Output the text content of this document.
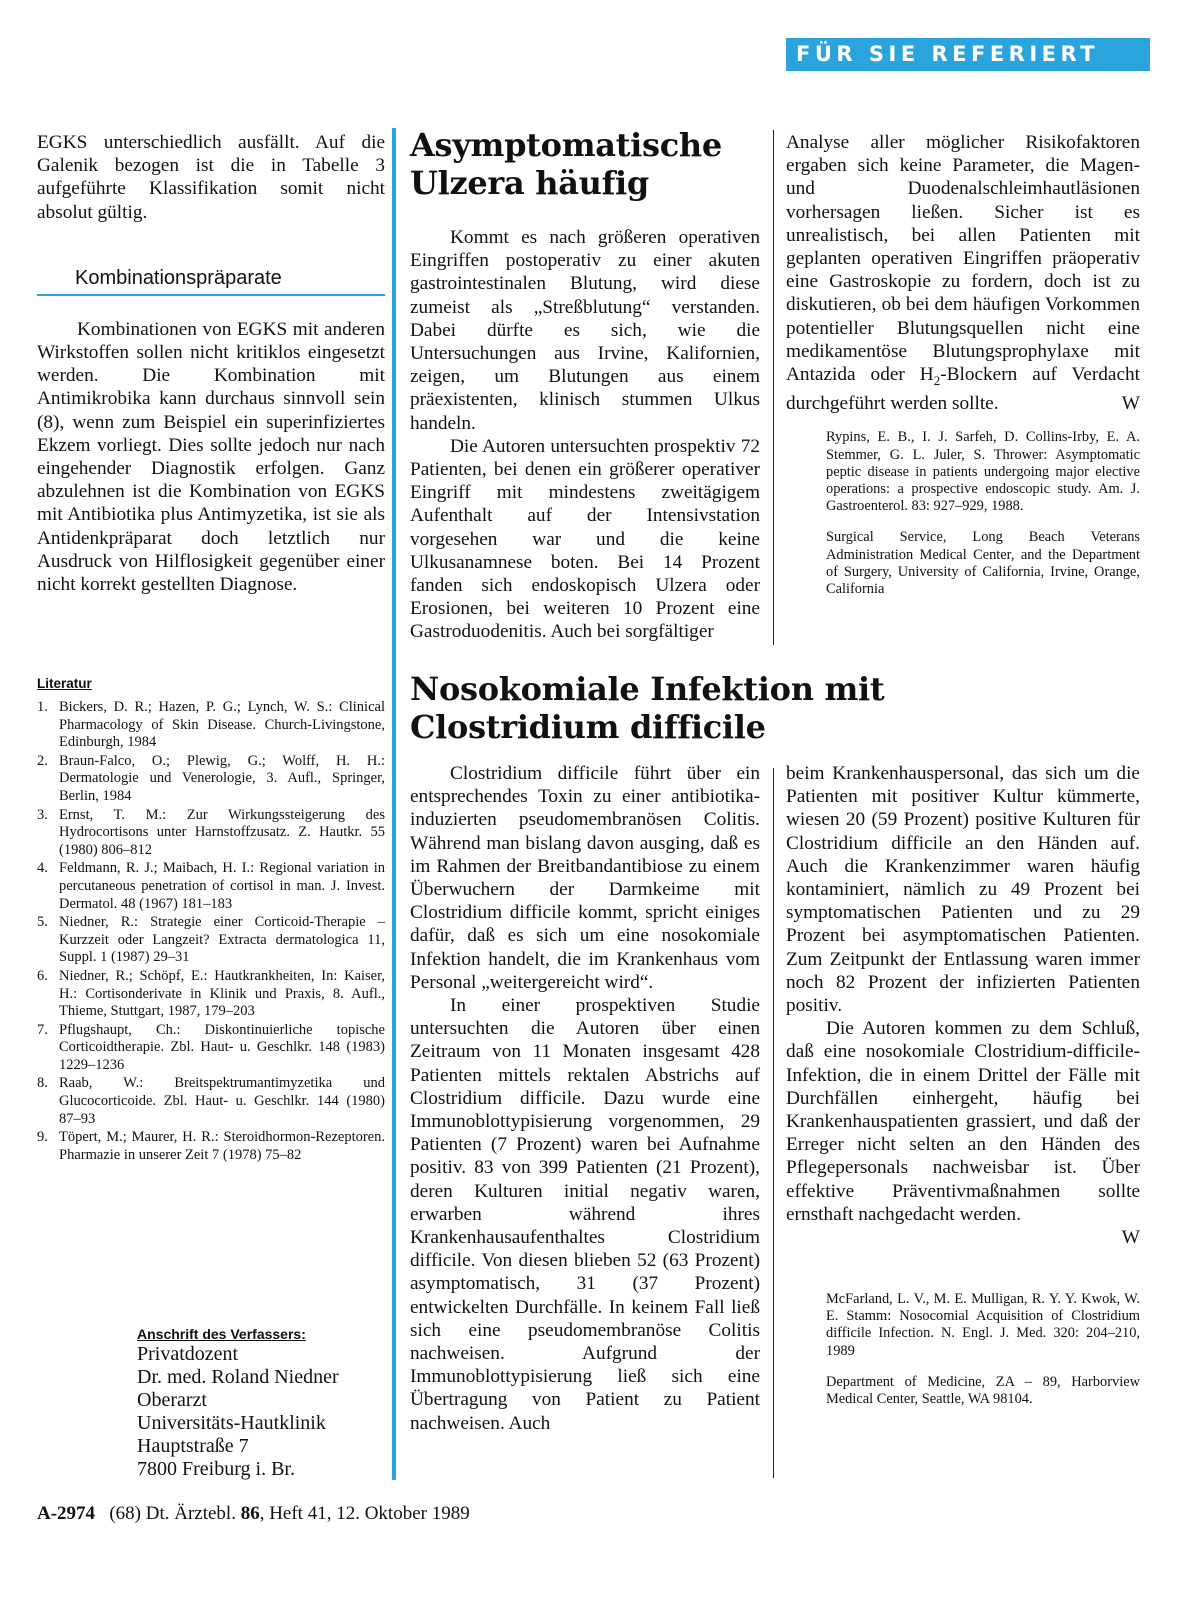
FÜR SIE REFERIERT

EGKS unterschiedlich ausfällt. Auf die Galenik bezogen ist die in Tabelle 3 aufgeführte Klassifikation somit nicht absolut gültig.

Kombinationspräparate

Kombinationen von EGKS mit anderen Wirkstoffen sollen nicht kritiklos eingesetzt werden. Die Kombination mit Antimikrobika kann durchaus sinnvoll sein (8), wenn zum Beispiel ein superinfiziertes Ekzem vorliegt. Dies sollte jedoch nur nach eingehender Diagnostik erfolgen. Ganz abzulehnen ist die Kombination von EGKS mit Antibiotika plus Antimyzetika, ist sie als Antidenkpräparat doch letztlich nur Ausdruck von Hilflosigkeit gegenüber einer nicht korrekt gestellten Diagnose.

Literatur
1. Bickers, D. R.; Hazen, P. G.; Lynch, W. S.: Clinical Pharmacology of Skin Disease. Church-Livingstone, Edinburgh, 1984
2. Braun-Falco, O.; Plewig, G.; Wolff, H. H.: Dermatologie und Venerologie, 3. Aufl., Springer, Berlin, 1984
3. Ernst, T. M.: Zur Wirkungssteigerung des Hydrocortisons unter Harnstoffzusatz. Z. Hautkr. 55 (1980) 806–812
4. Feldmann, R. J.; Maibach, H. I.: Regional variation in percutaneous penetration of cortisol in man. J. Invest. Dermatol. 48 (1967) 181–183
5. Niedner, R.: Strategie einer Corticoid-Therapie – Kurzzeit oder Langzeit? Extracta dermatologica 11, Suppl. 1 (1987) 29–31
6. Niedner, R.; Schöpf, E.: Hautkrankheiten, In: Kaiser, H.: Cortisonderivate in Klinik und Praxis, 8. Aufl., Thieme, Stuttgart, 1987, 179–203
7. Pflugshaupt, Ch.: Diskontinuierliche topische Corticoidtherapie. Zbl. Haut- u. Geschlkr. 148 (1983) 1229–1236
8. Raab, W.: Breitspektrumantimyzetika und Glucocorticoide. Zbl. Haut- u. Geschlkr. 144 (1980) 87–93
9. Töpert, M.; Maurer, H. R.: Steroidhormon-Rezeptoren. Pharmazie in unserer Zeit 7 (1978) 75–82
Anschrift des Verfassers:
Privatdozent
Dr. med. Roland Niedner
Oberarzt
Universitäts-Hautklinik
Hauptstraße 7
7800 Freiburg i. Br.
Asymptomatische
Ulzera häufig

Kommt es nach größeren operativen Eingriffen postoperativ zu einer akuten gastrointestinalen Blutung, wird diese zumeist als „Streßblutung“ verstanden. Dabei dürfte es sich, wie die Untersuchungen aus Irvine, Kalifornien, zeigen, um Blutungen aus einem präexistenten, klinisch stummen Ulkus handeln.

Die Autoren untersuchten prospektiv 72 Patienten, bei denen ein größerer operativer Eingriff mit mindestens zweitägigem Aufenthalt auf der Intensivstation vorgesehen war und die keine Ulkusanamnese boten. Bei 14 Prozent fanden sich endoskopisch Ulzera oder Erosionen, bei weiteren 10 Prozent eine Gastroduodenitis. Auch bei sorgfältiger

Analyse aller möglicher Risikofaktoren ergaben sich keine Parameter, die Magen- und Duodenalschleimhautläsionen vorhersagen ließen. Sicher ist es unrealistisch, bei allen Patienten mit geplanten operativen Eingriffen präoperativ eine Gastroskopie zu fordern, doch ist zu diskutieren, ob bei dem häufigen Vorkommen potentieller Blutungsquellen nicht eine medikamentöse Blutungsprophylaxe mit Antazida oder $H_2$-Blockern auf Verdacht durchgeführt werden sollte.	W

Rypins, E. B., I. J. Sarfeh, D. Collins-Irby, E. A. Stemmer, G. L. Juler, S. Thrower: Asymptomatic peptic disease in patients undergoing major elective operations: a prospective endoscopic study. Am. J. Gastroenterol. 83: 927–929, 1988.

Surgical Service, Long Beach Veterans Administration Medical Center, and the Department of Surgery, University of California, Irvine, Orange, California

Nosokomiale Infektion mit
Clostridium difficile

Clostridium difficile führt über ein entsprechendes Toxin zu einer antibiotika-induzierten pseudomembranösen Colitis. Während man bislang davon ausging, daß es im Rahmen der Breitbandantibiose zu einem Überwuchern der Darmkeime mit Clostridium difficile kommt, spricht einiges dafür, daß es sich um eine nosokomiale Infektion handelt, die im Krankenhaus vom Personal „weitergereicht wird“.

In einer prospektiven Studie untersuchten die Autoren über einen Zeitraum von 11 Monaten insgesamt 428 Patienten mittels rektalen Abstrichs auf Clostridium difficile. Dazu wurde eine Immunoblottypisierung vorgenommen, 29 Patienten (7 Prozent) waren bei Aufnahme positiv. 83 von 399 Patienten (21 Prozent), deren Kulturen initial negativ waren, erwarben während ihres Krankenhausaufenthaltes Clostridium difficile. Von diesen blieben 52 (63 Prozent) asymptomatisch, 31 (37 Prozent) entwickelten Durchfälle. In keinem Fall ließ sich eine pseudomembranöse Colitis nachweisen. Aufgrund der Immunoblottypisierung ließ sich eine Übertragung von Patient zu Patient nachweisen. Auch

beim Krankenhauspersonal, das sich um die Patienten mit positiver Kultur kümmerte, wiesen 20 (59 Prozent) positive Kulturen für Clostridium difficile an den Händen auf. Auch die Krankenzimmer waren häufig kontaminiert, nämlich zu 49 Prozent bei symptomatischen Patienten und zu 29 Prozent bei asymptomatischen Patienten. Zum Zeitpunkt der Entlassung waren immer noch 82 Prozent der infizierten Patienten positiv.

Die Autoren kommen zu dem Schluß, daß eine nosokomiale Clostridium-difficile-Infektion, die in einem Drittel der Fälle mit Durchfällen einhergeht, häufig bei Krankenhauspatienten grassiert, und daß der Erreger nicht selten an den Händen des Pflegepersonals nachweisbar ist. Über effektive Präventivmaßnahmen sollte ernsthaft nachgedacht werden.

W

McFarland, L. V., M. E. Mulligan, R. Y. Y. Kwok, W. E. Stamm: Nosocomial Acquisition of Clostridium difficile Infection. N. Engl. J. Med. 320: 204–210, 1989

Department of Medicine, ZA – 89, Harborview Medical Center, Seattle, WA 98104.

A-2974 (68) Dt. Ärztebl. 86, Heft 41, 12. Oktober 1989
